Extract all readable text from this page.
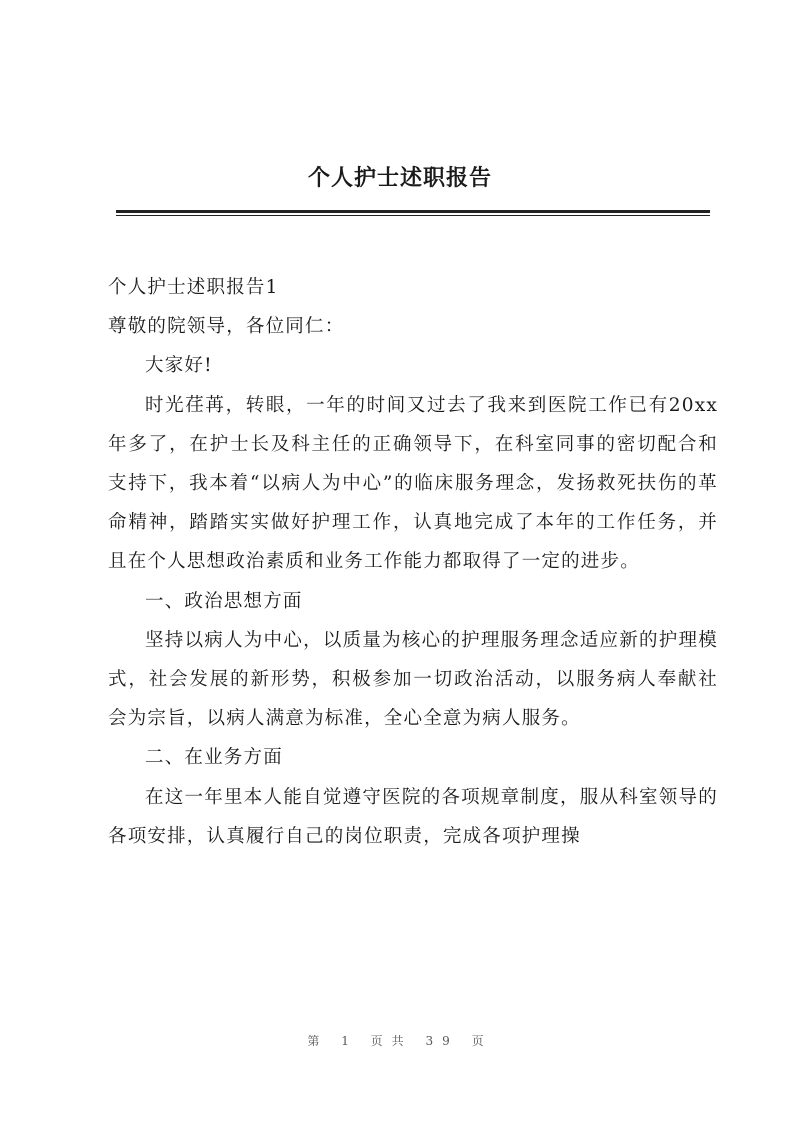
个人护士述职报告

个人护士述职报告1

尊敬的院领导，各位同仁：

大家好!

时光荏苒，转眼，一年的时间又过去了我来到医院工作已有20xx年多了，在护士长及科主任的正确领导下，在科室同事的密切配合和支持下，我本着“以病人为中心”的临床服务理念，发扬救死扶伤的革命精神，踏踏实实做好护理工作，认真地完成了本年的工作任务，并且在个人思想政治素质和业务工作能力都取得了一定的进步。

一、政治思想方面

坚持以病人为中心，以质量为核心的护理服务理念适应新的护理模式，社会发展的新形势，积极参加一切政治活动，以服务病人奉献社会为宗旨，以病人满意为标准，全心全意为病人服务。

二、在业务方面

在这一年里本人能自觉遵守医院的各项规章制度，服从科室领导的各项安排，认真履行自己的岗位职责，完成各项护理操

第 1 页共 39 页
